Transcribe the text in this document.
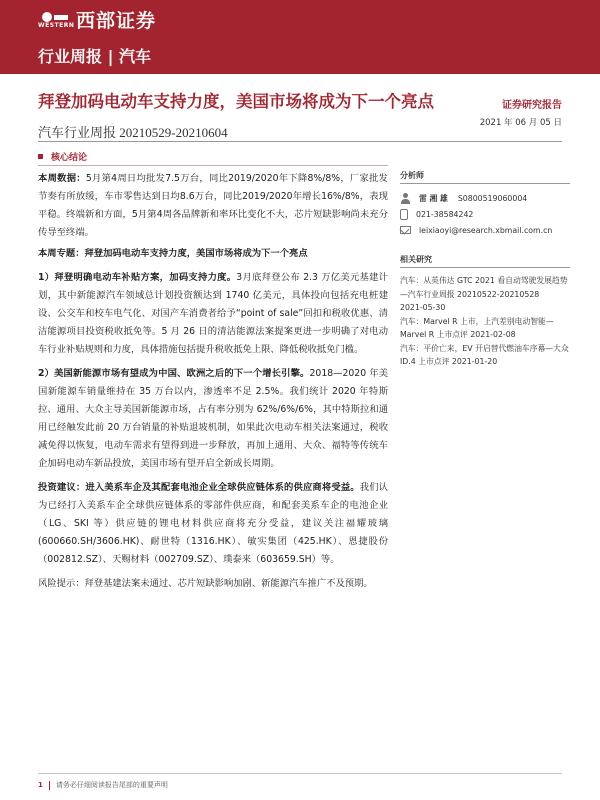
WESTERN 西部证券
行业周报 | 汽车
拜登加码电动车支持力度，美国市场将成为下一个亮点	证券研究报告
汽车行业周报 20210529-20210604
2021 年 06 月 05 日
核心结论

本周数据：5月第4周日均批发7.5万台，同比2019/2020年下降8%/8%，厂家批发节奏有所放缓，车市零售达到日均8.6万台，同比2019/2020年增长16%/8%，表现平稳。终端新和方面，5月第4周各品牌新和率环比变化不大，芯片短缺影响尚未充分传导至终端。

本周专题：拜登加码电动车支持力度，美国市场将成为下一个亮点

1）拜登明确电动车补贴方案，加码支持力度。3月底拜登公布 2.3 万亿美元基建计划，其中新能源汽车领域总计划投资额达到 1740 亿美元，具体投向包括充电桩建设、公交车和校车电气化、对国产车消费者给予“point of sale”回扣和税收优惠、清洁能源项目投资税收抵免等。5 月 26 日的清洁能源法案提案更进一步明确了对电动车行业补贴规则和力度，具体措施包括提升税收抵免上限、降低税收抵免门槛。

2）美国新能源市场有望成为中国、欧洲之后的下一个增长引擎。2018—2020 年美国新能源车销量维持在 35 万台以内，渗透率不足 2.5%。我们统计 2020 年特斯拉、通用、大众主导美国新能源市场，占有率分别为 62%/6%/6%，其中特斯拉和通用已经触发此前 20 万台销量的补贴退坡机制，如果此次电动车相关法案通过，税收减免得以恢复，电动车需求有望得到进一步释放，再加上通用、大众、福特等传统车企加码电动车新品投放，美国市场有望开启全新成长周期。

投资建议：进入美系车企及其配套电池企业全球供应链体系的供应商将受益。我们认为已经打入美系车企全球供应链体系的零部件供应商，和配套美系车企的电池企业（LG、SKI 等）供应链的锂电材料供应商将充分受益，建议关注福耀玻璃(600660.SH/3606.HK)、耐世特（1316.HK）、敏实集团（425.HK）、恩捷股份（002812.SZ）、天赐材料（002709.SZ）、璞泰来（603659.SH）等。

风险提示：拜登基建法案未通过、芯片短缺影响加剧、新能源汽车推广不及预期。

分析师
雷 湘 雄 S0800519060004
021-38584242
leixiaoyi@research.xbmail.com.cn
相关研究
汽车：从英伟达 GTC 2021 看自动驾驶发展趋势—汽车行业周报 20210522-20210528
2021-05-30
汽车：Marvel R 上市，上汽差别电动智能—Marvel R 上市点评 2021-02-08
汽车：平价亡来，EV 开启替代燃油车序幕—大众 ID.4 上市点评 2021-01-20
1 请务必仔细阅读报告尾部的重要声明
